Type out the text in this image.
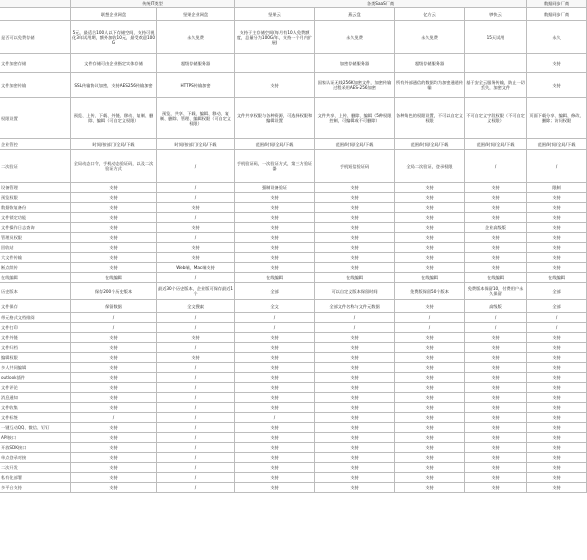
	传统IT类型		各类SaaS厂商				数据同步厂商
	联想企业网盘	坚果企业网盘	坚果云	燕云盘	亿方云	够快云	数据同步厂商
是否可以免费存储	5元，最适合100人以下存储空间，支持可视化3年试用期，额外加收10元，最受欢迎100G	永久免费	支持于主存储空间(每月有10人免费额度，总量分为100G/年，支持一个月内扩展)	永久免费	永久免费	15天试用	永久
文件加密存储	文件存储可由企业指定实体存储	超级存储服务器		加密存储服务器	超级存储服务器		支持
文件加密传输	SSL传输协议加密，支持AES256传输加密	HTTPS传输加密	支持	国家认证无线256K加密文件，加密传输过程采用AES-256加密	所有外部通信的数据均为加密通道传输	基于安全云服务传输，防止一切丢失，加密文件	支持
权限设置	预览、上传、下载、外链、移动、复制、删除、编辑（可自定义权限）	预览、共享、下载、编辑、移动、复制、删除、管理、编辑权限（可自定义权限）	文件共享权限与各种资源，可选择权限和编辑设置	文件共享、上传、删除、编辑（5种权限控制，可编辑或不可删除）	各种角色的权限设置，不可以自定义权限	不可自定义字段权限（不可自定义权限）	页面下载分享、编辑、修改、删除；访问权限
企业管控	时间/按部门/全局/下载	时间/按部门/全局/下载	范围/时间/全局/下载	范围/时间/全局/下载	范围/时间/全局/下载	范围/时间/全局/下载	范围/时间/全局/下载
二次验证	全局动态口令，手机动态验证码，以及二次验证方式	/	手机验证码，一次验证方式，第三方验证器	手机短信验证码	全局二次验证，登录权限	/	/
设备管理	支持	/	强制设备验证	支持	支持	支持	限制
预览权限	支持	/	支持	支持	支持	支持	支持
数据恢复备份	支持	支持	支持	支持	支持	支持	支持
文件锁定功能	支持	/	支持	支持	支持	支持	支持
文件操作日志查询	支持	支持	支持	支持	支持	企业高级版	支持
管理员权限	支持	/	支持	支持	支持	支持	支持
回收站	支持	支持	支持	支持	支持	支持	支持
大文件传输	支持	支持	支持	支持	支持	支持	支持
断点续传	支持	Web端，Mac端支持	支持	支持	支持	支持	支持
在线编辑	在线编辑	/	在线编辑	在线编辑	在线编辑	在线编辑	在线编辑
历史版本	保存200个历史版本	最近30个历史版本，企业版可保存最近1个	全部	可以自定义版本保留时间	免费版保留50个版本	免费版本保留10，付费用户永久保留	全部
文件保存	保留数据	全文搜索	全文	全部文件名称与文件元数据	支持	高级版	全部
带元格式文档排阅	/	/	/	/	/	/	/
文件打印	/	/	/	/	/	/	/
文件外链	支持	支持	支持	支持	支持	支持	支持
文件归档	支持	/	支持	支持	支持	支持	支持
编辑权限	支持	支持	支持	支持	支持	支持	支持
多人共同编辑	支持	/	支持	支持	支持	支持	支持
outlook插件	支持	/	支持	支持	支持	支持	支持
文件评论	支持	/	支持	支持	支持	支持	支持
消息通知	支持	/	支持	支持	支持	支持	支持
文件收集	支持	/	支持	支持	支持	支持	支持
文件标签	/	/	/	支持	支持	支持	支持
一键互动QQ、微信、钉钉	支持	/	支持	支持	支持	支持	支持
API接口	支持	/	支持	支持	支持	支持	支持
开放SDK接口	支持	/	支持	支持	支持	支持	支持
单点登录对接	支持	/	支持	支持	支持	支持	支持
二次开发	支持	/	支持	支持	支持	支持	支持
私有化部署	支持	/	支持	支持	支持	支持	支持
多平台支持	支持	/	支持	支持	支持	支持	支持
